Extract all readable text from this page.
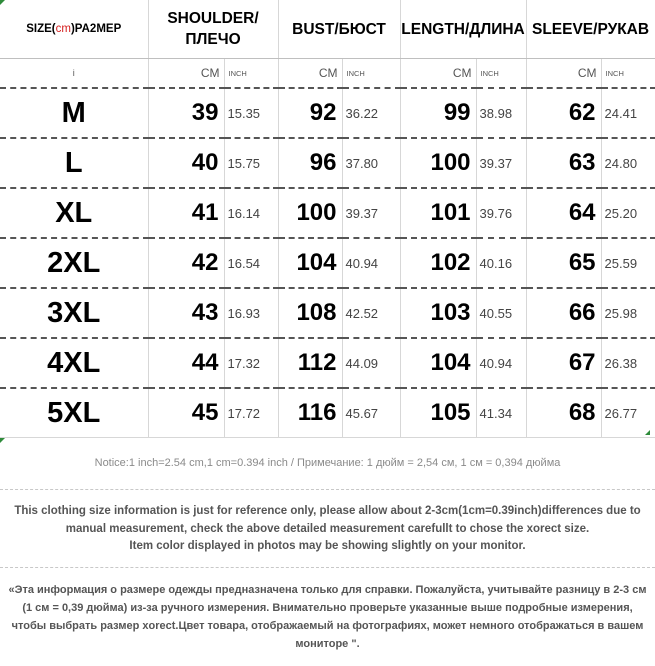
SIZE(cm)PA2MEP	SHOULDER/ПЛЕЧО		BUST/БЮСТ		LENGTH/ДЛИНА		SLEEVE/РУКАВ	
i	CM	INCH	CM	INCH	CM	INCH	CM	INCH
M	39	15.35	92	36.22	99	38.98	62	24.41
L	40	15.75	96	37.80	100	39.37	63	24.80
XL	41	16.14	100	39.37	101	39.76	64	25.20
2XL	42	16.54	104	40.94	102	40.16	65	25.59
3XL	43	16.93	108	42.52	103	40.55	66	25.98
4XL	44	17.32	112	44.09	104	40.94	67	26.38
5XL	45	17.72	116	45.67	105	41.34	68	26.77
Notice:1 inch=2.54 cm,1 cm=0.394 inch / Примечание: 1 дюйм = 2,54 см, 1 см = 0,394 дюйма
This clothing size information is just for reference only, please allow about 2-3cm(1cm=0.39inch)differences due to
manual measurement, check the above detailed measurement carefullt to chose the xorect size.
Item color displayed in photos may be showing slightly on your monitor.
«Эта информация о размере одежды предназначена только для справки. Пожалуйста, учитывайте разницу в 2-3 см (1 см = 0,39 дюйма) из-за ручного измерения. Внимательно проверьте указанные выше подробные измерения, чтобы выбрать размер xorect.Цвет товара, отображаемый на фотографиях, может немного отображаться в вашем мониторе ".
